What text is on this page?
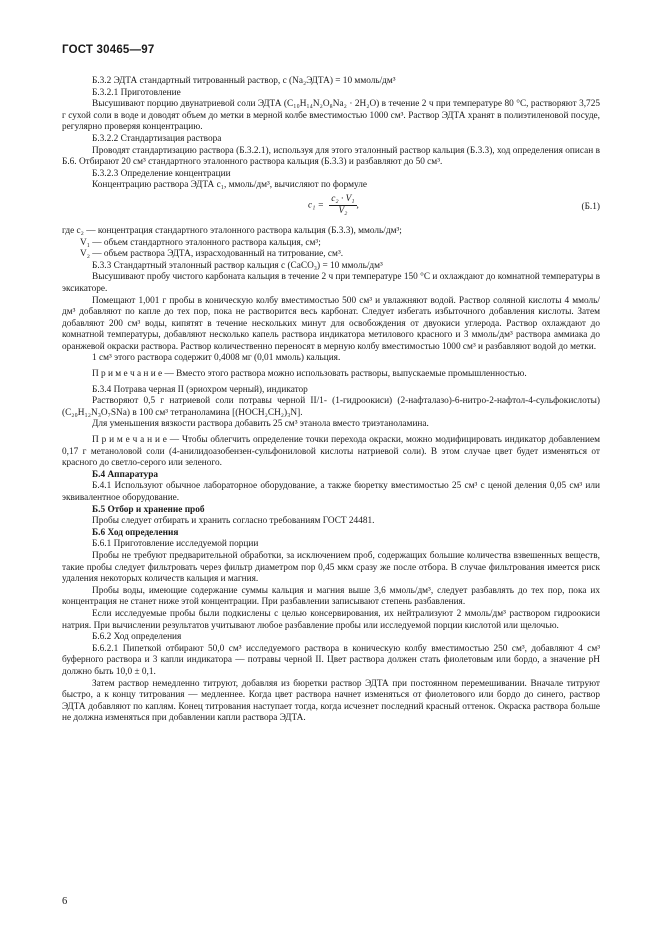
ГОСТ 30465—97

Б.3.2 ЭДТА стандартный титрованный раствор, c (Na₂ЭДТА) = 10 ммоль/дм³

Б.3.2.1 Приготовление

Высушивают порцию двунатриевой соли ЭДТА (C₁₀H₁₄N₂O₈Na₂ · 2H₂O) в течение 2 ч при температуре 80 °С, растворяют 3,725 г сухой соли в воде и доводят объем до метки в мерной колбе вместимостью 1000 см³. Раствор ЭДТА хранят в полиэтиленовой посуде, регулярно проверяя концентрацию.

Б.3.2.2 Стандартизация раствора

Проводят стандартизацию раствора (Б.3.2.1), используя для этого эталонный раствор кальция (Б.3.3), ход определения описан в Б.6. Отбирают 20 см³ стандартного эталонного раствора кальция (Б.3.3) и разбавляют до 50 см³.

Б.3.2.3 Определение концентрации

Концентрацию раствора ЭДТА c₁, ммоль/дм³, вычисляют по формуле

$c_1 = \frac{\text{c₂ · V₁}}{\text{V₂}}$ ,	(Б.1)

где c₂ — концентрация стандартного эталонного раствора кальция (Б.3.3), ммоль/дм³;

V₁ — объем стандартного эталонного раствора кальция, см³;

V₂ — объем раствора ЭДТА, израсходованный на титрование, см³.

Б.3.3 Стандартный эталонный раствор кальция c (CaCO₃) = 10 ммоль/дм³

Высушивают пробу чистого карбоната кальция в течение 2 ч при температуре 150 °С и охлаждают до комнатной температуры в эксикаторе.

Помещают 1,001 г пробы в коническую колбу вместимостью 500 см³ и увлажняют водой. Раствор соляной кислоты 4 ммоль/дм³ добавляют по капле до тех пор, пока не растворится весь карбонат. Следует избегать избыточного добавления кислоты. Затем добавляют 200 см³ воды, кипятят в течение нескольких минут для освобождения от двуокиси углерода. Раствор охлаждают до комнатной температуры, добавляют несколько капель раствора индикатора метилового красного и 3 ммоль/дм³ раствора аммиака до оранжевой окраски раствора. Раствор количественно переносят в мерную колбу вместимостью 1000 см³ и разбавляют водой до метки.

1 см³ этого раствора содержит 0,4008 мг (0,01 ммоль) кальция.

П р и м е ч а н и е — Вместо этого раствора можно использовать растворы, выпускаемые промышленностью.

Б.3.4 Потрава черная II (эриохром черный), индикатор

Растворяют 0,5 г натриевой соли потравы черной II/1- (1-гидроокиси) (2-нафталазо)-6-нитро-2-нафтол-4-сульфокислоты) (C₂₀H₁₂N₃O₇SNa) в 100 см³ тетраноламина [(HOCH₂CH₂)₃N].

Для уменьшения вязкости раствора добавить 25 см³ этанола вместо триэтаноламина.

П р и м е ч а н и е — Чтобы облегчить определение точки перехода окраски, можно модифицировать индикатор добавлением 0,17 г метаноловой соли (4-анилидоазобензен-сульфониловой кислоты натриевой соли). В этом случае цвет будет изменяться от красного до светло-серого или зеленого.

Б.4 Аппаратура

Б.4.1 Используют обычное лабораторное оборудование, а также бюретку вместимостью 25 см³ с ценой деления 0,05 см³ или эквивалентное оборудование.

Б.5 Отбор и хранение проб

Пробы следует отбирать и хранить согласно требованиям ГОСТ 24481.

Б.6 Ход определения

Б.6.1 Приготовление исследуемой порции

Пробы не требуют предварительной обработки, за исключением проб, содержащих большие количества взвешенных веществ, такие пробы следует фильтровать через фильтр диаметром пор 0,45 мкм сразу же после отбора. В случае фильтрования имеется риск удаления некоторых количеств кальция и магния.

Пробы воды, имеющие содержание суммы кальция и магния выше 3,6 ммоль/дм³, следует разбавлять до тех пор, пока их концентрация не станет ниже этой концентрации. При разбавлении записывают степень разбавления.

Если исследуемые пробы были подкислены с целью консервирования, их нейтрализуют 2 ммоль/дм³ раствором гидроокиси натрия. При вычислении результатов учитывают любое разбавление пробы или исследуемой порции кислотой или щелочью.

Б.6.2 Ход определения

Б.6.2.1 Пипеткой отбирают 50,0 см³ исследуемого раствора в коническую колбу вместимостью 250 см³, добавляют 4 см³ буферного раствора и 3 капли индикатора — потравы черной II. Цвет раствора должен стать фиолетовым или бордо, а значение pH должно быть 10,0 ± 0,1.

Затем раствор немедленно титруют, добавляя из бюретки раствор ЭДТА при постоянном перемешивании. Вначале титруют быстро, а к концу титрования — медленнее. Когда цвет раствора начнет изменяться от фиолетового или бордо до синего, раствор ЭДТА добавляют по каплям. Конец титрования наступает тогда, когда исчезнет последний красный оттенок. Окраска раствора больше не должна изменяться при добавлении капли раствора ЭДТА.

6
